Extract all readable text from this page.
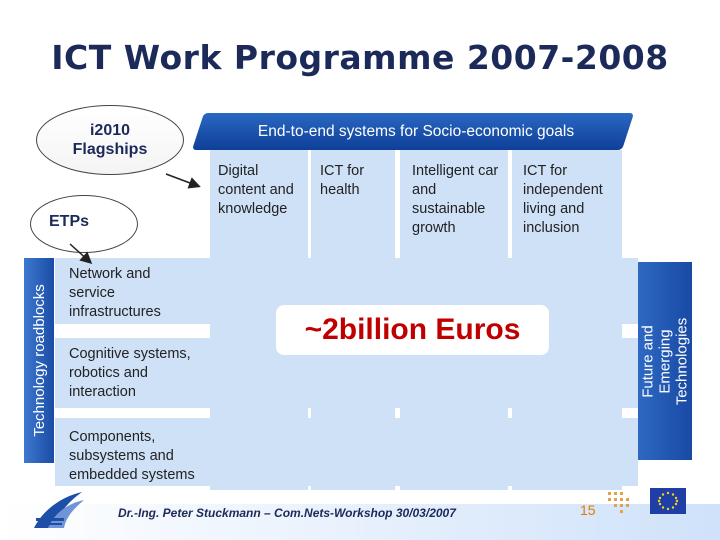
ICT Work Programme 2007-2008
End-to-end systems for Socio-economic goals
Digital content and knowledge
ICT for health
Intelligent car and sustainable growth
ICT for independent living and inclusion
Network and service infrastructures
Cognitive systems, robotics and interaction
Components, subsystems and embedded systems
i2010
Flagships
ETPs
Technology roadblocks	Future and Emerging
Technologies
~2billion Euros
Dr.-Ing. Peter Stuckmann – Com.Nets-Workshop 30/03/2007	15
